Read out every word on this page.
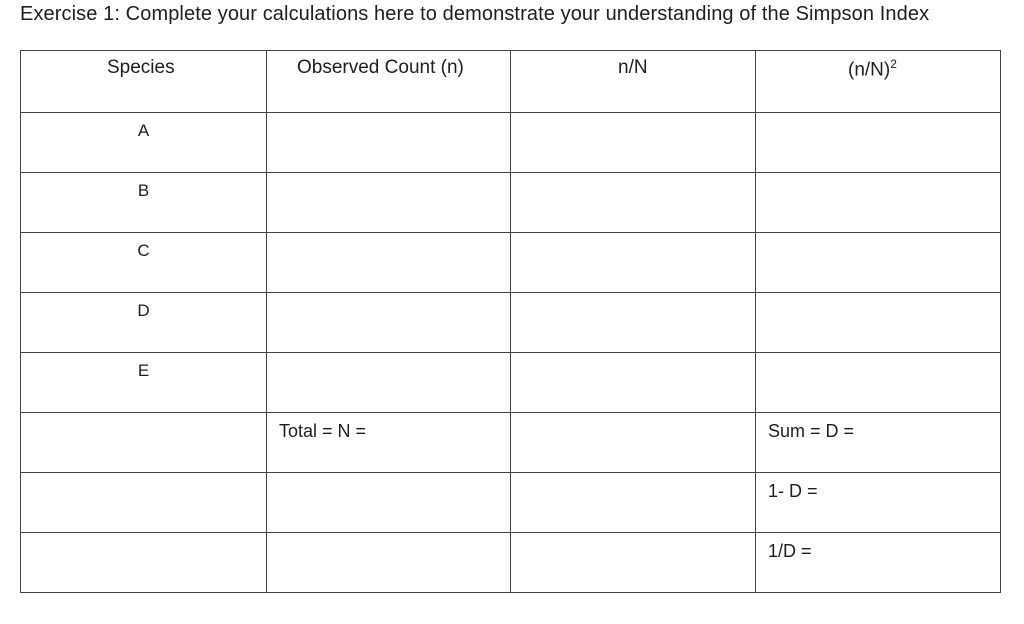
Exercise 1: Complete your calculations here to demonstrate your understanding of the Simpson Index
Species	Observed Count (n)	n/N	$(n/N)^2$

A			

B			

C			

D			

E			

	Total = N =		Sum = D =

			1- D =

			1/D =
